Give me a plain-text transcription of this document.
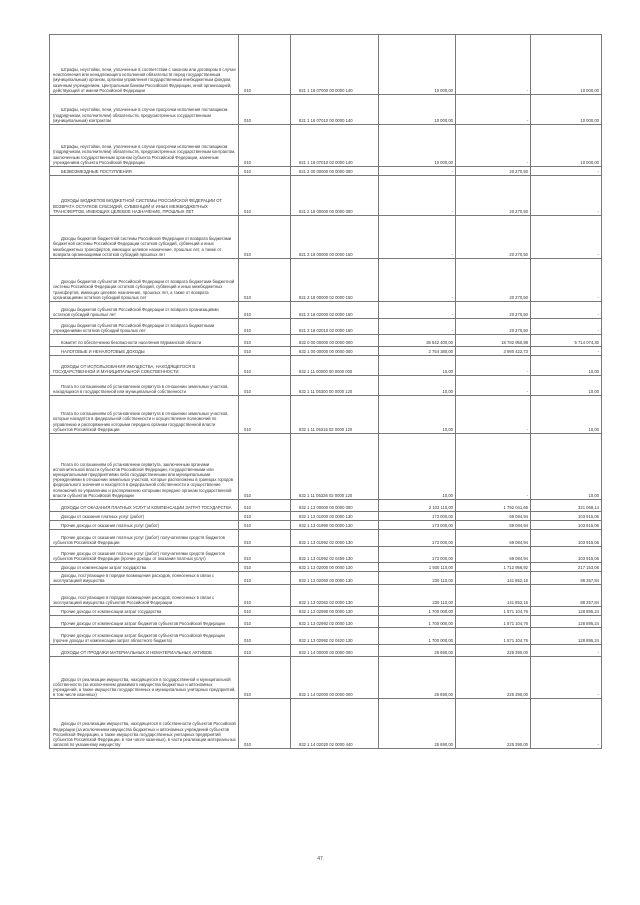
Штрафы, неустойки, пени, уплаченные в соответствии с законом или договором в случае неисполнения или ненадлежащего исполнения обязательств перед государственным (муниципальным) органом, органом управления государственным внебюджетным фондом, казенным учреждением, Центральным банком Российской Федерации, иной организацией, действующей от имени Российской Федерации	010	821 1 16 07000 00 0000 140	10 000,00	-	10 000,00
Штрафы, неустойки, пени, уплаченные в случае просрочки исполнения поставщиком (подрядчиком, исполнителем) обязательств, предусмотренных государственным (муниципальным) контрактом	010	821 1 16 07010 00 0000 140	10 000,00	-	10 000,00
Штрафы, неустойки, пени, уплаченные в случае просрочки исполнения поставщиком (подрядчиком, исполнителем) обязательств, предусмотренных государственным контрактом, заключенным государственным органом субъекта Российской Федерации, казенным учреждением субъекта Российской Федерации	010	821 1 16 07010 02 0000 140	10 000,00	-	10 000,00
БЕЗВОЗМЕЗДНЫЕ ПОСТУПЛЕНИЯ	010	821 2 00 00000 00 0000 000	-	20 270,50	-
ДОХОДЫ БЮДЖЕТОВ БЮДЖЕТНОЙ СИСТЕМЫ РОССИЙСКОЙ ФЕДЕРАЦИИ ОТ ВОЗВРАТА ОСТАТКОВ СУБСИДИЙ, СУБВЕНЦИЙ И ИНЫХ МЕЖБЮДЖЕТНЫХ ТРАНСФЕРТОВ, ИМЕЮЩИХ ЦЕЛЕВОЕ НАЗНАЧЕНИЕ, ПРОШЛЫХ ЛЕТ	010	821 2 18 00000 00 0000 000	-	20 270,50	-
Доходы бюджетов бюджетной системы Российской Федерации от возврата бюджетами бюджетной системы Российской Федерации остатков субсидий, субвенций и иных межбюджетных трансфертов, имеющих целевое назначение, прошлых лет, а также от возврата организациями остатков субсидий прошлых лет	010	821 2 18 00000 00 0000 150	-	20 270,50	-
Доходы бюджетов субъектов Российской Федерации от возврата бюджетами бюджетной системы Российской Федерации остатков субсидий, субвенций и иных межбюджетных трансфертов, имеющих целевое назначение, прошлых лет, а также от возврата организациями остатков субсидий прошлых лет	010	821 2 18 00000 02 0000 150	-	20 270,50	-
Доходы бюджетов субъектов Российской Федерации от возврата организациями остатков субсидий прошлых лет	010	821 2 18 02000 02 0000 150	-	20 270,50	-
Доходы бюджетов субъектов Российской Федерации от возврата бюджетными учреждениями остатков субсидий прошлых лет	010	821 2 18 02010 02 0000 150	-	20 270,50	-
Комитет по обеспечению безопасности населения Мурманской области	010	832 0 00 00000 00 0000 000	35 642 400,00	18 782 950,98	5 714 074,30
НАЛОГОВЫЕ И НЕНАЛОГОВЫЕ ДОХОДЫ	010	832 1 00 00000 00 0000 000	2 754 380,00	3 980 422,73	-
ДОХОДЫ ОТ ИСПОЛЬЗОВАНИЯ ИМУЩЕСТВА, НАХОДЯЩЕГОСЯ В ГОСУДАРСТВЕННОЙ И МУНИЦИПАЛЬНОЙ СОБСТВЕННОСТИ	010	832 1 11 00000 00 0000 000	10,00	-	10,00
Плата по соглашениям об установлении сервитута в отношении земельных участков, находящихся в государственной или муниципальной собственности	010	832 1 11 05300 00 0000 120	10,00	-	10,00
Плата по соглашениям об установлении сервитута в отношении земельных участков, которые находятся в федеральной собственности и осуществление полномочий по управлению и распоряжению которыми передано органам государственной власти субъектов Российской Федерации	010	832 1 11 05315 02 0000 120	10,00	-	10,00
Плата по соглашениям об установлении сервитута, заключенным органами исполнительной власти субъектов Российской Федерации, государственными или муниципальными предприятиями либо государственными или муниципальными учреждениями в отношении земельных участков, которые расположены в границах городов федерального значения и находятся в федеральной собственности и осуществление полномочий по управлению и распоряжению которыми передано органам государственной власти субъектов Российской Федерации	010	832 1 11 05326 02 0000 120	10,00	-	10,00
ДОХОДЫ ОТ ОКАЗАНИЯ ПЛАТНЫХ УСЛУГ И КОМПЕНСАЦИИ ЗАТРАТ ГОСУДАРСТВА	010	832 1 13 00000 00 0000 000	2 103 110,00	1 792 041,66	321 068,14
Доходы от оказания платных услуг (работ)	010	832 1 13 01000 00 0000 130	173 000,00	69 084,94	103 915,06
Прочие доходы от оказания платных услуг (работ)	010	832 1 13 01990 00 0000 130	173 000,00	69 084,94	103 915,06
Прочие доходы от оказания платных услуг (работ) получателями средств бюджетов субъектов Российской Федерации	010	832 1 13 01992 02 0000 130	173 000,00	69 084,94	103 915,06
Прочие доходы от оказания платных услуг (работ) получателями средств бюджетов субъектов Российской Федерации (прочие доходы от оказания платных услуг)	010	832 1 13 01992 02 0459 130	173 000,00	69 084,94	103 915,06
Доходы от компенсации затрат государства	010	832 1 13 02000 00 0000 130	1 930 110,00	1 712 956,92	217 153,08
Доходы, поступающие в порядке возмещения расходов, понесенных в связи с эксплуатацией имущества	010	832 1 13 02060 00 0000 130	230 110,00	141 852,16	88 257,84
Доходы, поступающие в порядке возмещения расходов, понесенных в связи с эксплуатацией имущества субъектов Российской Федерации	010	832 1 13 02062 02 0000 130	230 110,00	141 852,16	88 257,84
Прочие доходы от компенсации затрат государства	010	832 1 13 02990 00 0000 130	1 700 000,00	1 571 104,76	128 895,24
Прочие доходы от компенсации затрат бюджетов субъектов Российской Федерации	010	832 1 13 02992 02 0000 130	1 700 000,00	1 571 104,76	128 895,24
Прочие доходы от компенсации затрат бюджетов субъектов Российской Федерации (прочие доходы от компенсации затрат областного бюджета)	010	832 1 13 02992 02 0420 130	1 700 000,00	1 571 104,76	128 895,24
ДОХОДЫ ОТ ПРОДАЖИ МАТЕРИАЛЬНЫХ И НЕМАТЕРИАЛЬНЫХ АКТИВОВ	010	832 1 14 00000 00 0000 000	25 690,00	225 390,00	-
Доходы от реализации имущества, находящегося в государственной и муниципальной собственности (за исключением движимого имущества бюджетных и автономных учреждений, а также имущества государственных и муниципальных унитарных предприятий, в том числе казенных)	010	832 1 14 02000 00 0000 000	25 690,00	225 390,00	-
Доходы от реализации имущества, находящегося в собственности субъектов Российской Федерации (за исключением имущества бюджетных и автономных учреждений субъектов Российской Федерации, а также имущества государственных унитарных предприятий субъектов Российской Федерации, в том числе казенных), в части реализации материальных запасов по указанному имуществу	010	832 1 14 02020 02 0000 440	25 690,00	225 390,00	-
47
